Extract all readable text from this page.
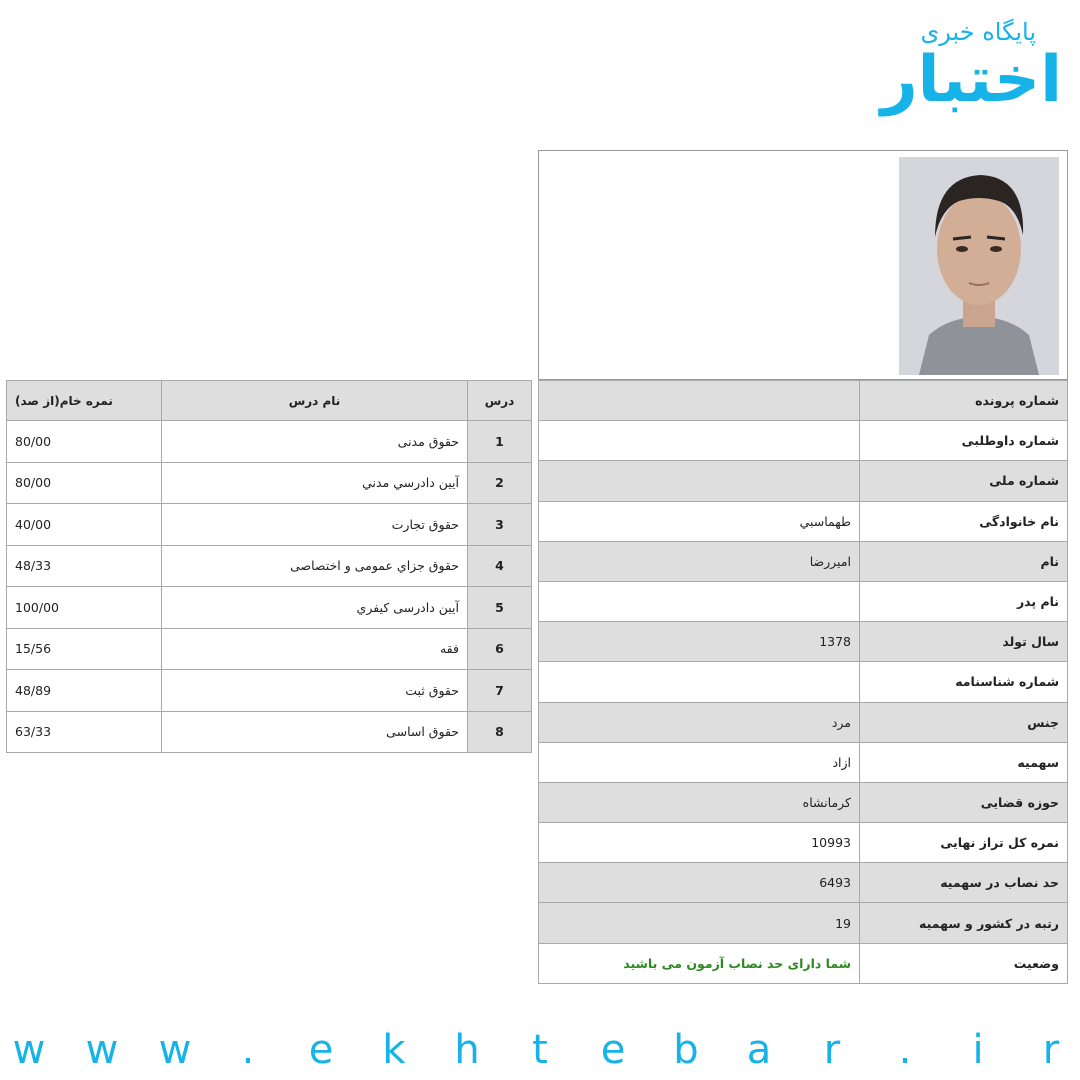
پایگاه خبری
اختبار
شماره پرونده	
شماره داوطلبی	
شماره ملی	
نام خانوادگی	طهماسبي
نام	اميررضا
نام پدر	
سال تولد	1378
شماره شناسنامه	
جنس	مرد
سهمیه	ازاد
حوزه قضایی	کرمانشاه
نمره کل تراز نهایی	10993
حد نصاب در سهمیه	6493
رتبه در کشور و سهمیه	19
وضعیت	شما دارای حد نصاب آزمون می باشید
درس	نام درس	نمره خام(از صد)
1	حقوق مدنی	80/00
2	آيين دادرسي مدني	80/00
3	حقوق تجارت	40/00
4	حقوق جزاي عمومی و اختصاصی	48/33
5	آيين دادرسی كيفري	100/00
6	فقه	15/56
7	حقوق ثبت	48/89
8	حقوق اساسی	63/33
w w w . e k h t e b a r . i r
